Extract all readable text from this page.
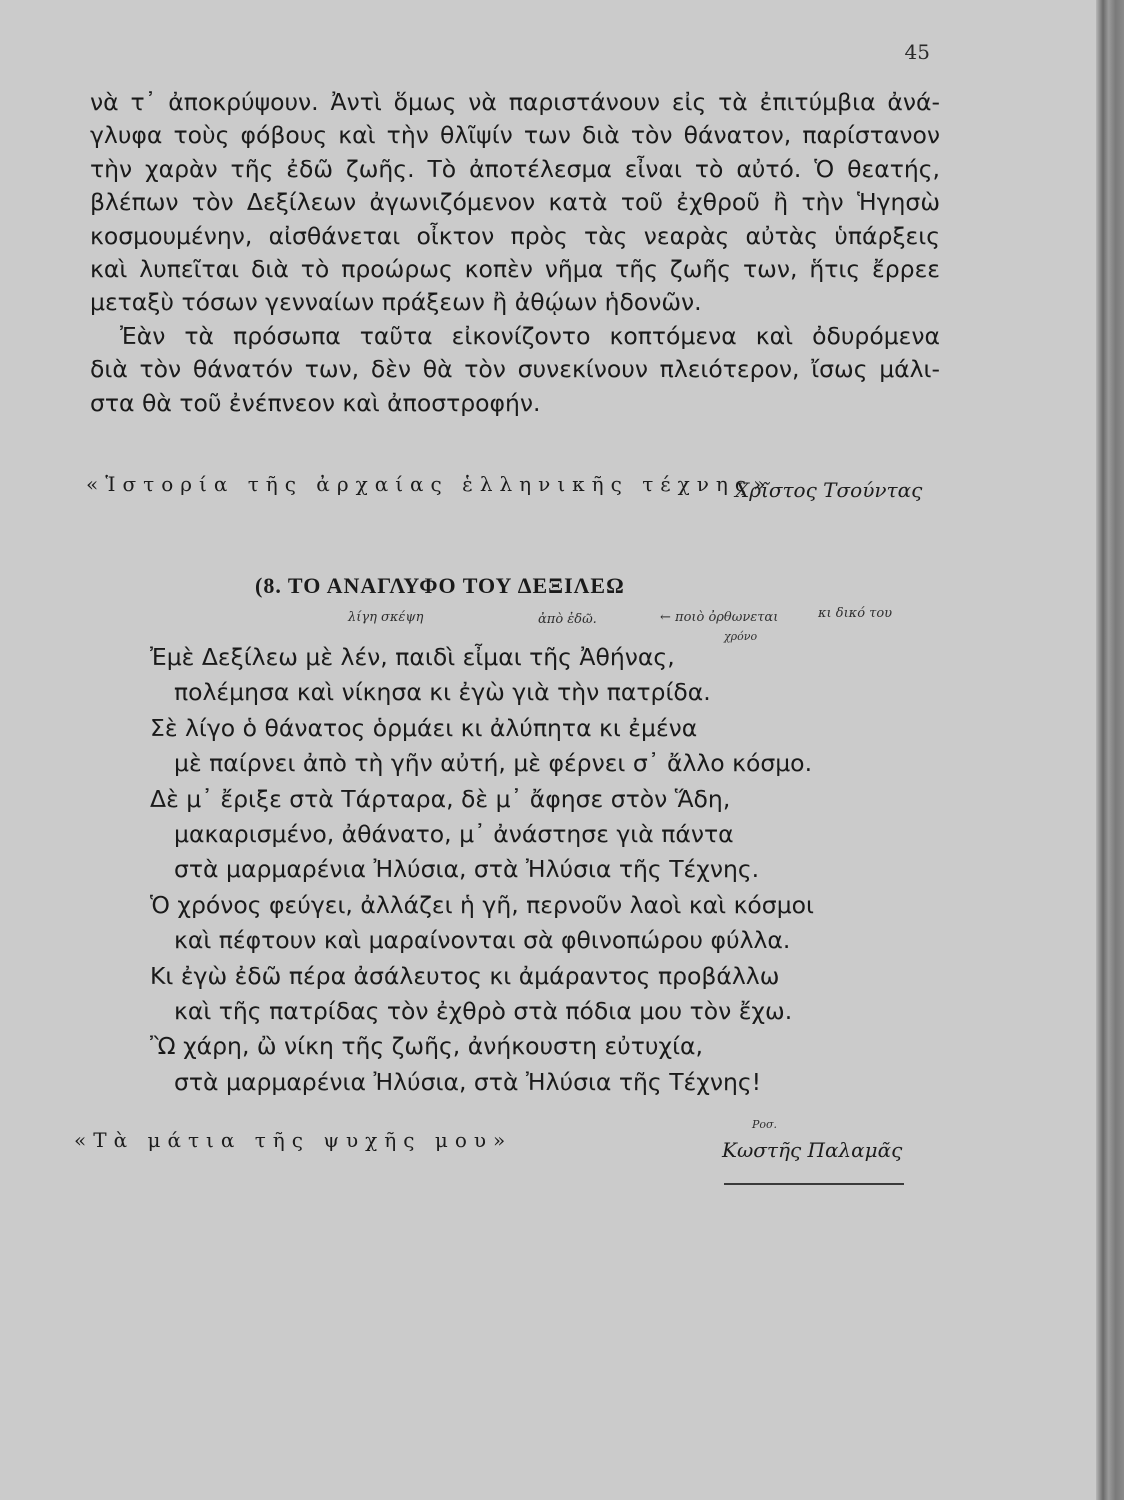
45
νὰ τ᾽ ἀποκρύψουν. Ἀντὶ ὅμως νὰ παριστάνουν εἰς τὰ ἐπιτύμβια ἀνά-
γλυφα τοὺς φόβους καὶ τὴν θλῖψίν των διὰ τὸν θάνατον, παρίστανον
τὴν χαρὰν τῆς ἐδῶ ζωῆς. Τὸ ἀποτέλεσμα εἶναι τὸ αὐτό. Ὁ θεατής,
βλέπων τὸν Δεξίλεων ἀγωνιζόμενον κατὰ τοῦ ἐχθροῦ ἢ τὴν Ἡγησὼ
κοσμουμένην, αἰσθάνεται οἶκτον πρὸς τὰς νεαρὰς αὐτὰς ὑπάρξεις
καὶ λυπεῖται διὰ τὸ προώρως κοπὲν νῆμα τῆς ζωῆς των, ἥτις ἔρρεε
μεταξὺ τόσων γενναίων πράξεων ἢ ἀθῴων ἡδονῶν.
Ἐὰν τὰ πρόσωπα ταῦτα εἰκονίζοντο κοπτόμενα καὶ ὀδυρόμενα
διὰ τὸν θάνατόν των, δὲν θὰ τὸν συνεκίνουν πλειότερον, ἴσως μάλι-
στα θὰ τοῦ ἐνέπνεον καὶ ἀποστροφήν.
«Ἱστορία τῆς ἀρχαίας ἑλληνικῆς τέχνης»
Χρῖστος Τσούντας
(8. ΤΟ ΑΝΑΓΛΥΦΟ ΤΟΥ ΔΕΞΙΛΕΩ
λίγη σκέψη	ἀπὸ ἐδῶ.	← ποιὸ ὀρθωνεται	κι δικό του
χρόνο
Ἐμὲ Δεξίλεω μὲ λέν, παιδὶ εἶμαι τῆς Ἀθήνας,
πολέμησα καὶ νίκησα κι ἐγὼ γιὰ τὴν πατρίδα.
Σὲ λίγο ὁ θάνατος ὁρμάει κι ἀλύπητα κι ἐμένα
μὲ παίρνει ἀπὸ τὴ γῆν αὐτή, μὲ φέρνει σ᾽ ἄλλο κόσμο.
Δὲ μ᾽ ἔριξε στὰ Τάρταρα, δὲ μ᾽ ἄφησε στὸν Ἅδη,
μακαρισμένο, ἀθάνατο, μ᾽ ἀνάστησε γιὰ πάντα
στὰ μαρμαρένια Ἠλύσια, στὰ Ἠλύσια τῆς Τέχνης.
Ὁ χρόνος φεύγει, ἀλλάζει ἡ γῆ, περνοῦν λαοὶ καὶ κόσμοι
καὶ πέφτουν καὶ μαραίνονται σὰ φθινοπώρου φύλλα.
Κι ἐγὼ ἐδῶ πέρα ἀσάλευτος κι ἀμάραντος προβάλλω
καὶ τῆς πατρίδας τὸν ἐχθρὸ στὰ πόδια μου τὸν ἔχω.
Ὢ χάρη, ὢ νίκη τῆς ζωῆς, ἀνήκουστη εὐτυχία,
στὰ μαρμαρένια Ἠλύσια, στὰ Ἠλύσια τῆς Τέχνης!
«Τὰ μάτια τῆς ψυχῆς μου»
Ροσ.
Κωστῆς Παλαμᾶς
